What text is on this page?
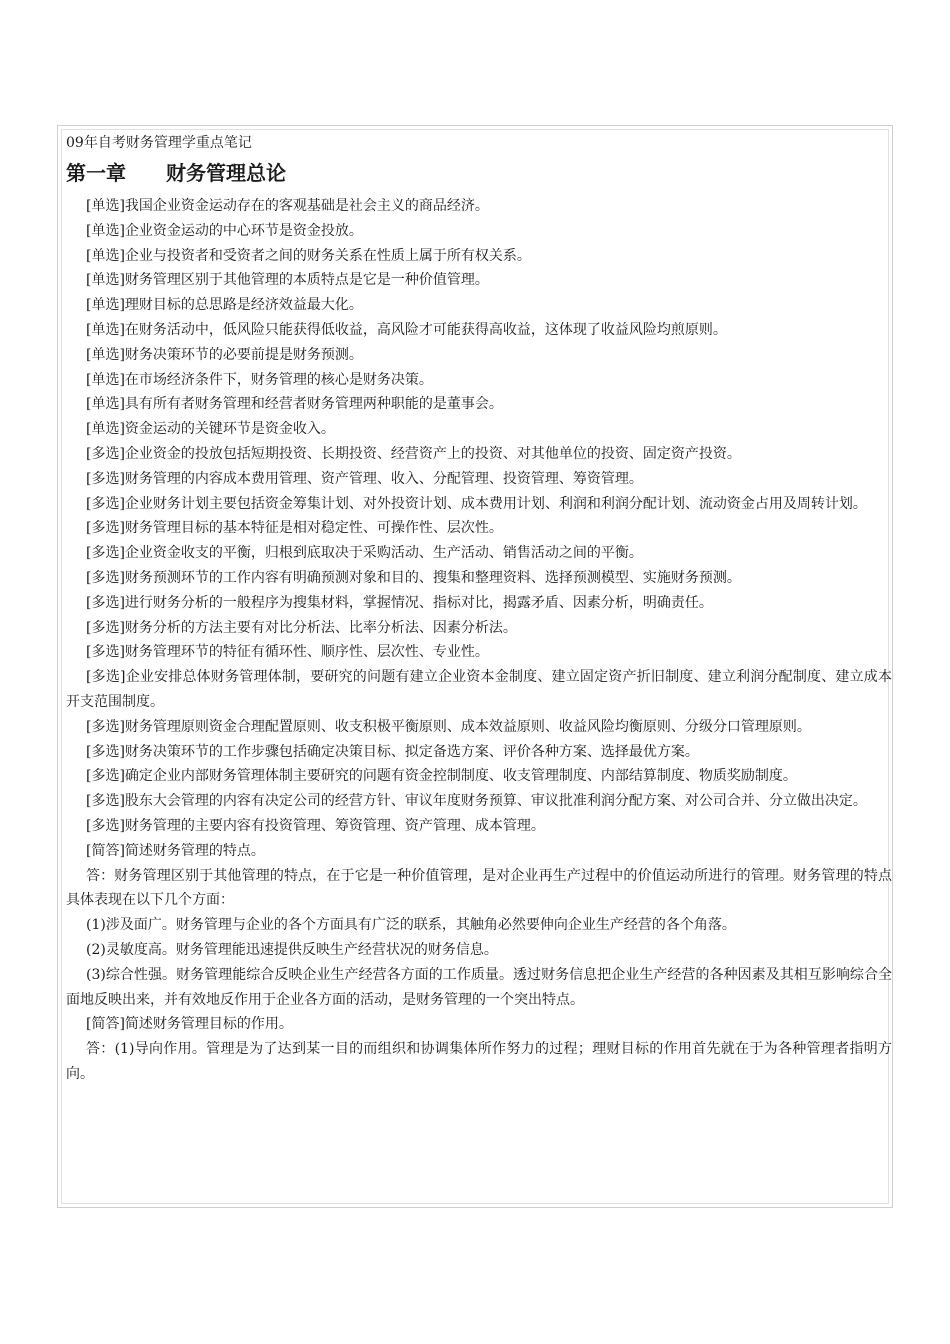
09年自考财务管理学重点笔记

第一章　　财务管理总论

[单选]我国企业资金运动存在的客观基础是社会主义的商品经济。

[单选]企业资金运动的中心环节是资金投放。

[单选]企业与投资者和受资者之间的财务关系在性质上属于所有权关系。

[单选]财务管理区别于其他管理的本质特点是它是一种价值管理。

[单选]理财目标的总思路是经济效益最大化。

[单选]在财务活动中，低风险只能获得低收益，高风险才可能获得高收益，这体现了收益风险均煎原则。

[单选]财务决策环节的必要前提是财务预测。

[单选]在市场经济条件下，财务管理的核心是财务决策。

[单选]具有所有者财务管理和经营者财务管理两种职能的是董事会。

[单选]资金运动的关键环节是资金收入。

[多选]企业资金的投放包括短期投资、长期投资、经营资产上的投资、对其他单位的投资、固定资产投资。

[多选]财务管理的内容成本费用管理、资产管理、收入、分配管理、投资管理、筹资管理。

[多选]企业财务计划主要包括资金筹集计划、对外投资计划、成本费用计划、利润和利润分配计划、流动资金占用及周转计划。

[多选]财务管理目标的基本特征是相对稳定性、可操作性、层次性。

[多选]企业资金收支的平衡，归根到底取决于采购活动、生产活动、销售活动之间的平衡。

[多选]财务预测环节的工作内容有明确预测对象和目的、搜集和整理资料、选择预测模型、实施财务预测。

[多选]进行财务分析的一般程序为搜集材料，掌握情况、指标对比，揭露矛盾、因素分析，明确责任。

[多选]财务分析的方法主要有对比分析法、比率分析法、因素分析法。

[多选]财务管理环节的特征有循环性、顺序性、层次性、专业性。

[多选]企业安排总体财务管理体制，要研究的问题有建立企业资本金制度、建立固定资产折旧制度、建立利润分配制度、建立成本开支范围制度。

[多选]财务管理原则资金合理配置原则、收支积极平衡原则、成本效益原则、收益风险均衡原则、分级分口管理原则。

[多选]财务决策环节的工作步骤包括确定决策目标、拟定备选方案、评价各种方案、选择最优方案。

[多选]确定企业内部财务管理体制主要研究的问题有资金控制制度、收支管理制度、内部结算制度、物质奖励制度。

[多选]股东大会管理的内容有决定公司的经营方针、审议年度财务预算、审议批准利润分配方案、对公司合并、分立做出决定。

[多选]财务管理的主要内容有投资管理、筹资管理、资产管理、成本管理。

[简答]简述财务管理的特点。

答：财务管理区别于其他管理的特点，在于它是一种价值管理，是对企业再生产过程中的价值运动所进行的管理。财务管理的特点具体表现在以下几个方面：

(1)涉及面广。财务管理与企业的各个方面具有广泛的联系，其触角必然要伸向企业生产经营的各个角落。

(2)灵敏度高。财务管理能迅速提供反映生产经营状况的财务信息。

(3)综合性强。财务管理能综合反映企业生产经营各方面的工作质量。透过财务信息把企业生产经营的各种因素及其相互影响综合全面地反映出来，并有效地反作用于企业各方面的活动，是财务管理的一个突出特点。

[简答]简述财务管理目标的作用。

答：(1)导向作用。管理是为了达到某一目的而组织和协调集体所作努力的过程；理财目标的作用首先就在于为各种管理者指明方向。
